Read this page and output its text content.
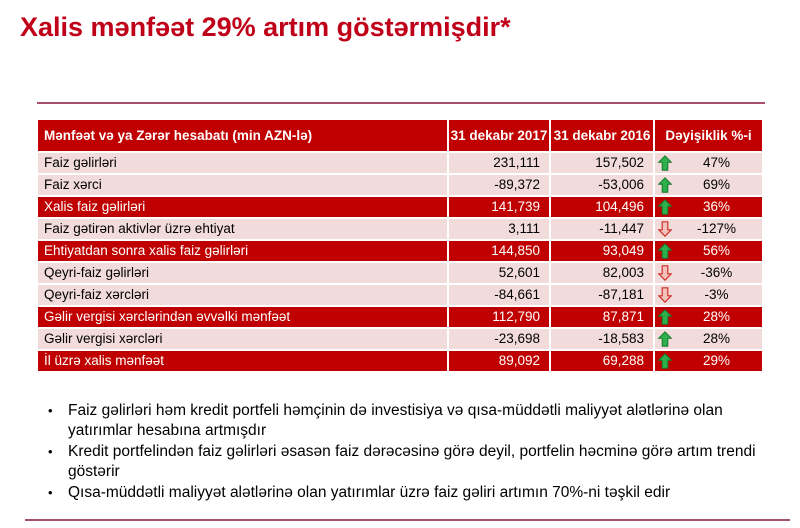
Xalis mənfəət 29% artım göstərmişdir*
Mənfəət və ya Zərər hesabatı (min AZN-lə)	31 dekabr 2017	31 dekabr 2016	Dəyişiklik %-i
Faiz gəlirləri	231,111	157,502	47%
Faiz xərci	-89,372	-53,006	69%
Xalis faiz gəlirləri	141,739	104,496	36%
Faiz gətirən aktivlər üzrə ehtiyat	3,111	-11,447	-127%
Ehtiyatdan sonra xalis faiz gəlirləri	144,850	93,049	56%
Qeyri-faiz gəlirləri	52,601	82,003	-36%
Qeyri-faiz xərcləri	-84,661	-87,181	-3%
Gəlir vergisi xərclərindən əvvəlki mənfəət	112,790	87,871	28%
Gəlir vergisi xərcləri	-23,698	-18,583	28%
İl üzrə xalis mənfəət	89,092	69,288	29%
• Faiz gəlirləri həm kredit portfeli həmçinin də investisiya və qısa-müddətli maliyyət alətlərinə olan yatırımlar hesabına artmışdır
• Kredit portfelindən faiz gəlirləri əsasən faiz dərəcəsinə görə deyil, portfelin həcminə görə artım trendi göstərir
• Qısa-müddətli maliyyət alətlərinə olan yatırımlar üzrə faiz gəliri artımın 70%-ni təşkil edir
